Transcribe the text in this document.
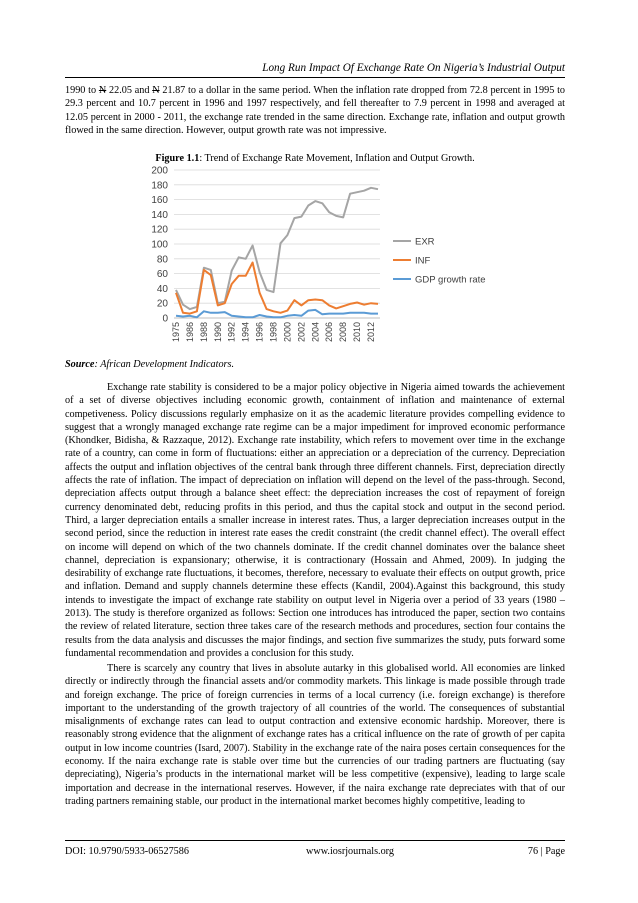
Long Run Impact Of Exchange Rate On Nigeria’s Industrial Output

1990 to N 22.05 and N 21.87 to a dollar in the same period. When the inflation rate dropped from 72.8 percent in 1995 to 29.3 percent and 10.7 percent in 1996 and 1997 respectively, and fell thereafter to 7.9 percent in 1998 and averaged at 12.05 percent in 2000 - 2011, the exchange rate trended in the same direction. Exchange rate, inflation and output growth flowed in the same direction. However, output growth rate was not impressive.

Figure 1.1: Trend of Exchange Rate Movement, Inflation and Output Growth.
0
20
40
60
80
100
120
140
160
180
200
1975 1986 1988 1990 1992 1994 1996 1998 2000 2002 2004 2006 2008 2010 2012
EXR
INF
GDP growth rate
Source: African Development Indicators.

Exchange rate stability is considered to be a major policy objective in Nigeria aimed towards the achievement of a set of diverse objectives including economic growth, containment of inflation and maintenance of external competiveness. Policy discussions regularly emphasize on it as the academic literature provides compelling evidence to suggest that a wrongly managed exchange rate regime can be a major impediment for improved economic performance (Khondker, Bidisha, & Razzaque, 2012). Exchange rate instability, which refers to movement over time in the exchange rate of a country, can come in form of fluctuations: either an appreciation or a depreciation of the currency. Depreciation affects the output and inflation objectives of the central bank through three different channels. First, depreciation directly affects the rate of inflation. The impact of depreciation on inflation will depend on the level of the pass-through. Second, depreciation affects output through a balance sheet effect: the depreciation increases the cost of repayment of foreign currency denominated debt, reducing profits in this period, and thus the capital stock and output in the second period. Third, a larger depreciation entails a smaller increase in interest rates. Thus, a larger depreciation increases output in the second period, since the reduction in interest rate eases the credit constraint (the credit channel effect). The overall effect on income will depend on which of the two channels dominate. If the credit channel dominates over the balance sheet channel, depreciation is expansionary; otherwise, it is contractionary (Hossain and Ahmed, 2009). In judging the desirability of exchange rate fluctuations, it becomes, therefore, necessary to evaluate their effects on output growth, price and inflation. Demand and supply channels determine these effects (Kandil, 2004).Against this background, this study intends to investigate the impact of exchange rate stability on output level in Nigeria over a period of 33 years (1980 – 2013). The study is therefore organized as follows: Section one introduces has introduced the paper, section two contains the review of related literature, section three takes care of the research methods and procedures, section four contains the results from the data analysis and discusses the major findings, and section five summarizes the study, puts forward some fundamental recommendation and provides a conclusion for this study.

There is scarcely any country that lives in absolute autarky in this globalised world. All economies are linked directly or indirectly through the financial assets and/or commodity markets. This linkage is made possible through trade and foreign exchange. The price of foreign currencies in terms of a local currency (i.e. foreign exchange) is therefore important to the understanding of the growth trajectory of all countries of the world. The consequences of substantial misalignments of exchange rates can lead to output contraction and extensive economic hardship. Moreover, there is reasonably strong evidence that the alignment of exchange rates has a critical influence on the rate of growth of per capita output in low income countries (Isard, 2007). Stability in the exchange rate of the naira poses certain consequences for the economy. If the naira exchange rate is stable over time but the currencies of our trading partners are fluctuating (say depreciating), Nigeria’s products in the international market will be less competitive (expensive), leading to large scale importation and decrease in the international reserves. However, if the naira exchange rate depreciates with that of our trading partners remaining stable, our product in the international market becomes highly competitive, leading to

DOI: 10.9790/5933-06527586	www.iosrjournals.org	76 | Page
